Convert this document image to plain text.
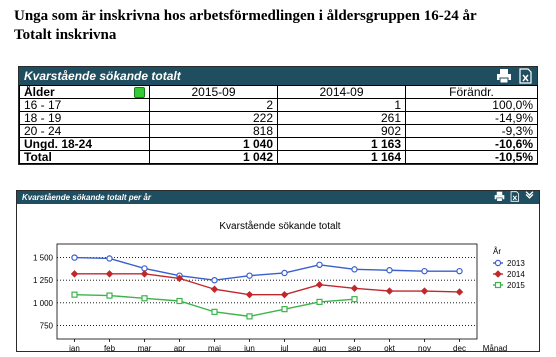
Unga som är inskrivna hos arbetsförmedlingen i åldersgruppen 16-24 år
Totalt inskrivna
Kvarstående sökande totalt
Ålder	2015-09	2014-09	Förändr.
16 - 17	2	1	100,0%
18 - 19	222	261	-14,9%
20 - 24	818	902	-9,3%
Ungd. 18-24	1 040	1 163	-10,6%
Total	1 042	1 164	-10,5%
Kvarstående sökande totalt per år
Kvarstående sökande totalt
750
1 000
1 250
1 500
jan	feb	mar	apr	maj	jun	jul	aug	sep	okt	nov	dec Månad
År
2013
2014
2015
